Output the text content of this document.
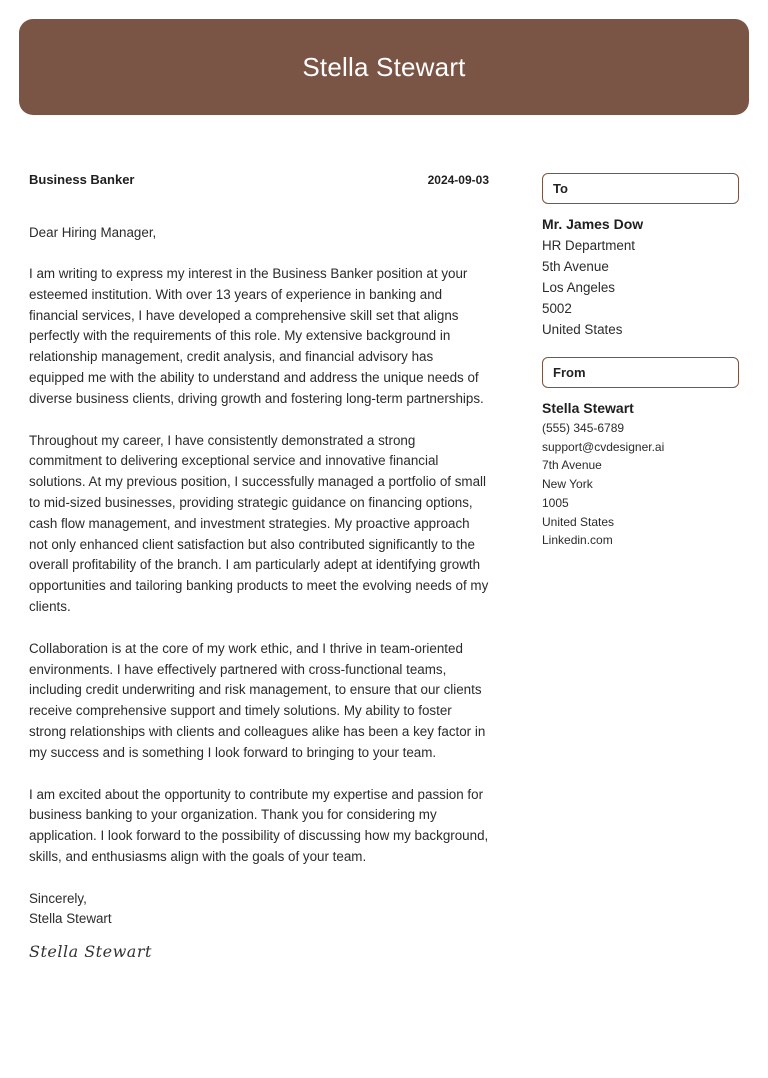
Stella Stewart
Business Banker	2024-09-03
Dear Hiring Manager,
I am writing to express my interest in the Business Banker position at your esteemed institution. With over 13 years of experience in banking and financial services, I have developed a comprehensive skill set that aligns perfectly with the requirements of this role. My extensive background in relationship management, credit analysis, and financial advisory has equipped me with the ability to understand and address the unique needs of diverse business clients, driving growth and fostering long-term partnerships.
Throughout my career, I have consistently demonstrated a strong commitment to delivering exceptional service and innovative financial solutions. At my previous position, I successfully managed a portfolio of small to mid-sized businesses, providing strategic guidance on financing options, cash flow management, and investment strategies. My proactive approach not only enhanced client satisfaction but also contributed significantly to the overall profitability of the branch. I am particularly adept at identifying growth opportunities and tailoring banking products to meet the evolving needs of my clients.
Collaboration is at the core of my work ethic, and I thrive in team-oriented environments. I have effectively partnered with cross-functional teams, including credit underwriting and risk management, to ensure that our clients receive comprehensive support and timely solutions. My ability to foster strong relationships with clients and colleagues alike has been a key factor in my success and is something I look forward to bringing to your team.
I am excited about the opportunity to contribute my expertise and passion for business banking to your organization. Thank you for considering my application. I look forward to the possibility of discussing how my background, skills, and enthusiasms align with the goals of your team.
Sincerely,
Stella Stewart
Stella Stewart
To
Mr. James Dow
HR Department
5th Avenue
Los Angeles
5002
United States
From
Stella Stewart
(555) 345-6789
support@cvdesigner.ai
7th Avenue
New York
1005
United States
Linkedin.com
